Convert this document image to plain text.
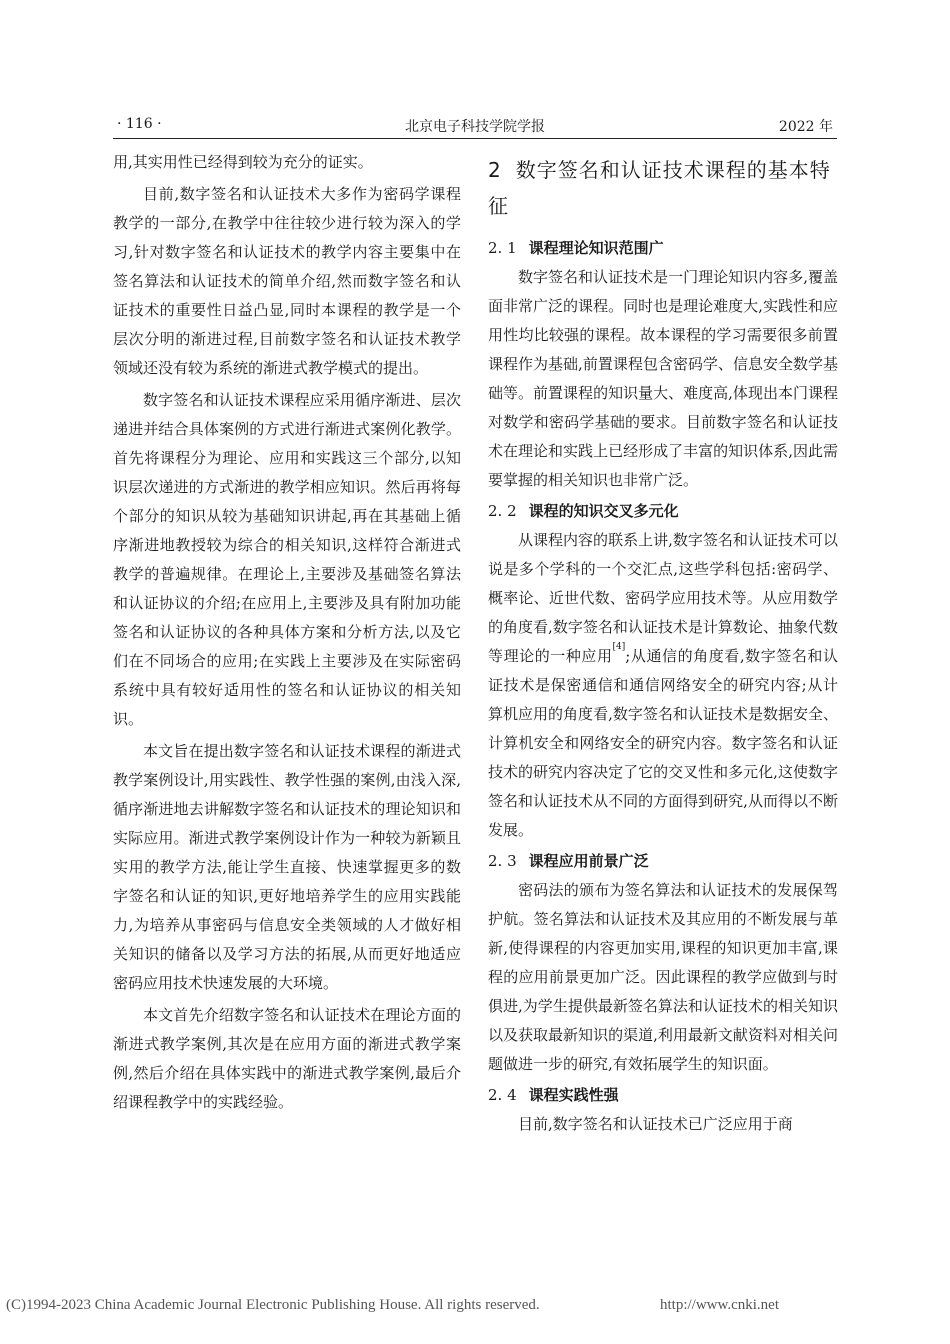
· 116 ·	北京电子科技学院学报	2022 年

用,其实用性已经得到较为充分的证实。

目前,数字签名和认证技术大多作为密码学课程教学的一部分,在教学中往往较少进行较为深入的学习,针对数字签名和认证技术的教学内容主要集中在签名算法和认证技术的简单介绍,然而数字签名和认证技术的重要性日益凸显,同时本课程的教学是一个层次分明的渐进过程,目前数字签名和认证技术教学领域还没有较为系统的渐进式教学模式的提出。

数字签名和认证技术课程应采用循序渐进、层次递进并结合具体案例的方式进行渐进式案例化教学。首先将课程分为理论、应用和实践这三个部分,以知识层次递进的方式渐进的教学相应知识。然后再将每个部分的知识从较为基础知识讲起,再在其基础上循序渐进地教授较为综合的相关知识,这样符合渐进式教学的普遍规律。在理论上,主要涉及基础签名算法和认证协议的介绍;在应用上,主要涉及具有附加功能签名和认证协议的各种具体方案和分析方法,以及它们在不同场合的应用;在实践上主要涉及在实际密码系统中具有较好适用性的签名和认证协议的相关知识。

本文旨在提出数字签名和认证技术课程的渐进式教学案例设计,用实践性、教学性强的案例,由浅入深,循序渐进地去讲解数字签名和认证技术的理论知识和实际应用。渐进式教学案例设计作为一种较为新颖且实用的教学方法,能让学生直接、快速掌握更多的数字签名和认证的知识,更好地培养学生的应用实践能力,为培养从事密码与信息安全类领域的人才做好相关知识的储备以及学习方法的拓展,从而更好地适应密码应用技术快速发展的大环境。

本文首先介绍数字签名和认证技术在理论方面的渐进式教学案例,其次是在应用方面的渐进式教学案例,然后介绍在具体实践中的渐进式教学案例,最后介绍课程教学中的实践经验。

2 数字签名和认证技术课程的基本特征
2. 1 课程理论知识范围广

数字签名和认证技术是一门理论知识内容多,覆盖面非常广泛的课程。同时也是理论难度大,实践性和应用性均比较强的课程。故本课程的学习需要很多前置课程作为基础,前置课程包含密码学、信息安全数学基础等。前置课程的知识量大、难度高,体现出本门课程对数学和密码学基础的要求。目前数字签名和认证技术在理论和实践上已经形成了丰富的知识体系,因此需要掌握的相关知识也非常广泛。

2. 2 课程的知识交叉多元化

从课程内容的联系上讲,数字签名和认证技术可以说是多个学科的一个交汇点,这些学科包括:密码学、概率论、近世代数、密码学应用技术等。从应用数学的角度看,数字签名和认证技术是计算数论、抽象代数等理论的一种应用[4];从通信的角度看,数字签名和认证技术是保密通信和通信网络安全的研究内容;从计算机应用的角度看,数字签名和认证技术是数据安全、计算机安全和网络安全的研究内容。数字签名和认证技术的研究内容决定了它的交叉性和多元化,这使数字签名和认证技术从不同的方面得到研究,从而得以不断发展。

2. 3 课程应用前景广泛

密码法的颁布为签名算法和认证技术的发展保驾护航。签名算法和认证技术及其应用的不断发展与革新,使得课程的内容更加实用,课程的知识更加丰富,课程的应用前景更加广泛。因此课程的教学应做到与时俱进,为学生提供最新签名算法和认证技术的相关知识以及获取最新知识的渠道,利用最新文献资料对相关问题做进一步的研究,有效拓展学生的知识面。

2. 4 课程实践性强

目前,数字签名和认证技术已广泛应用于商

(C)1994-2023 China Academic Journal Electronic Publishing House. All rights reserved.	http://www.cnki.net
